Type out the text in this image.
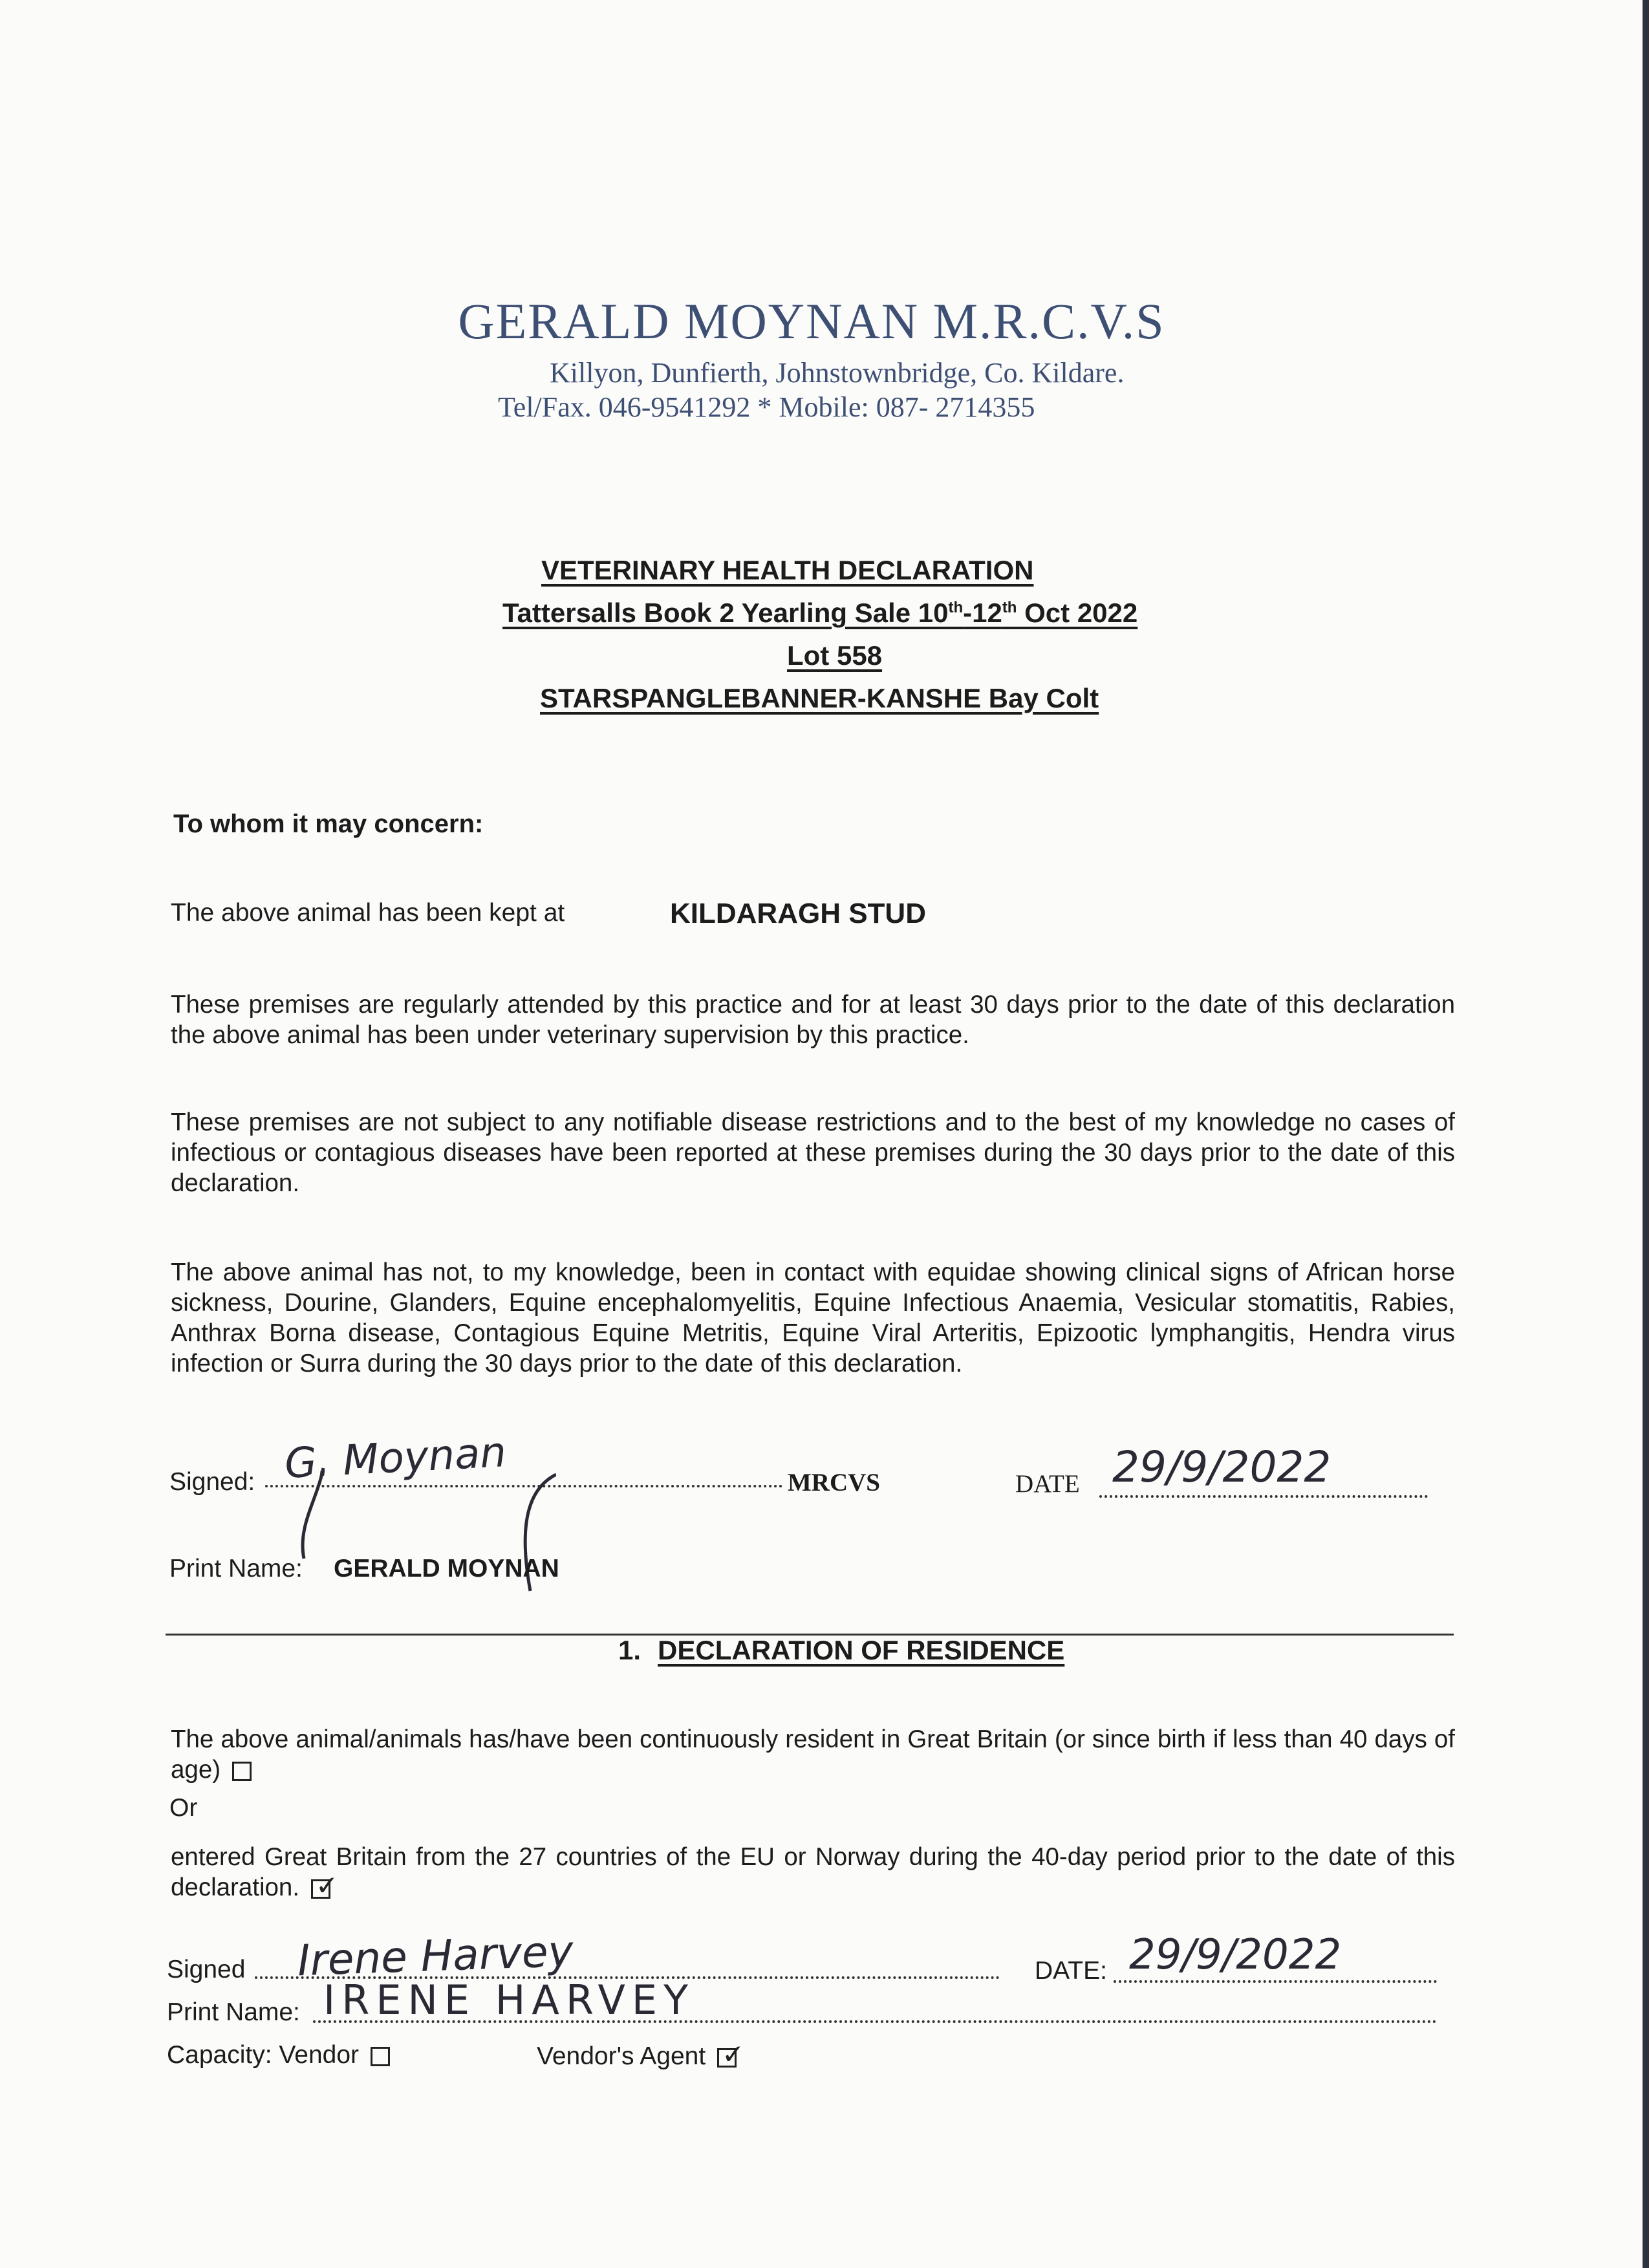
GERALD MOYNAN M.R.C.V.S
Killyon, Dunfierth, Johnstownbridge, Co. Kildare.
Tel/Fax. 046-9541292 * Mobile: 087- 2714355
VETERINARY HEALTH DECLARATION
Tattersalls Book 2 Yearling Sale 10th-12th Oct 2022
Lot 558
STARSPANGLEBANNER-KANSHE Bay Colt
To whom it may concern:
The above animal has been kept at	KILDARAGH STUD
These premises are regularly attended by this practice and for at least 30 days prior to the date of this declaration the above animal has been under veterinary supervision by this practice.
These premises are not subject to any notifiable disease restrictions and to the best of my knowledge no cases of infectious or contagious diseases have been reported at these premises during the 30 days prior to the date of this declaration.
The above animal has not, to my knowledge, been in contact with equidae showing clinical signs of African horse sickness, Dourine, Glanders, Equine encephalomyelitis, Equine Infectious Anaemia, Vesicular stomatitis, Rabies, Anthrax Borna disease, Contagious Equine Metritis, Equine Viral Arteritis, Epizootic lymphangitis, Hendra virus infection or Surra during the 30 days prior to the date of this declaration.
Signed: G. Moynan	MRCVS	DATE 29/9/2022
Print Name: GERALD MOYNAN
1. DECLARATION OF RESIDENCE
The above animal/animals has/have been continuously resident in Great Britain (or since birth if less than 40 days of age)
Or
entered Great Britain from the 27 countries of the EU or Norway during the 40-day period prior to the date of this declaration. ✓
Signed Irene Harvey	DATE: 29/9/2022
Print Name: IRENE HARVEY
Capacity: Vendor	Vendor's Agent ✓
